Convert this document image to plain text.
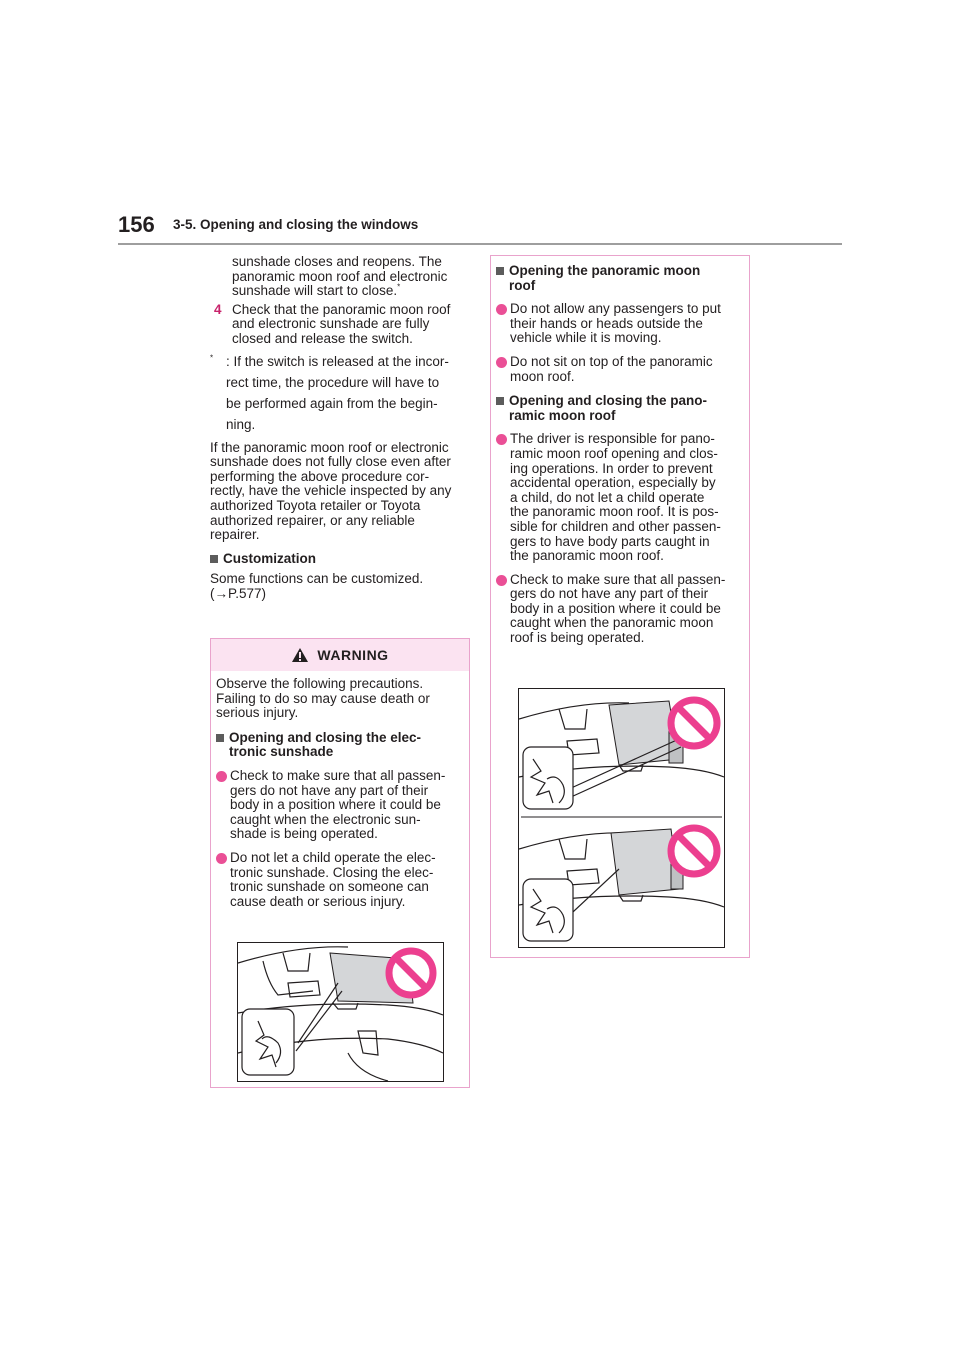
156 3-5. Opening and closing the windows

sunshade closes and reopens. The
panoramic moon roof and electronic
sunshade will start to close.*

4 Check that the panoramic moon roof
and electronic sunshade are fully
closed and release the switch.

* : If the switch is released at the incor-
rect time, the procedure will have to
be performed again from the begin-
ning.

If the panoramic moon roof or electronic
sunshade does not fully close even after
performing the above procedure cor-
rectly, have the vehicle inspected by any
authorized Toyota retailer or Toyota
authorized repairer, or any reliable
repairer.

Customization

Some functions can be customized.
(→P.577)

WARNING

Observe the following precautions.
Failing to do so may cause death or
serious injury.

Opening and closing the elec-
tronic sunshade

Check to make sure that all passen-
gers do not have any part of their
body in a position where it could be
caught when the electronic sun-
shade is being operated.

Do not let a child operate the elec-
tronic sunshade. Closing the elec-
tronic sunshade on someone can
cause death or serious injury.

Opening the panoramic moon
roof

Do not allow any passengers to put
their hands or heads outside the
vehicle while it is moving.

Do not sit on top of the panoramic
moon roof.

Opening and closing the pano-
ramic moon roof

The driver is responsible for pano-
ramic moon roof opening and clos-
ing operations. In order to prevent
accidental operation, especially by
a child, do not let a child operate
the panoramic moon roof. It is pos-
sible for children and other passen-
gers to have body parts caught in
the panoramic moon roof.

Check to make sure that all passen-
gers do not have any part of their
body in a position where it could be
caught when the panoramic moon
roof is being operated.
